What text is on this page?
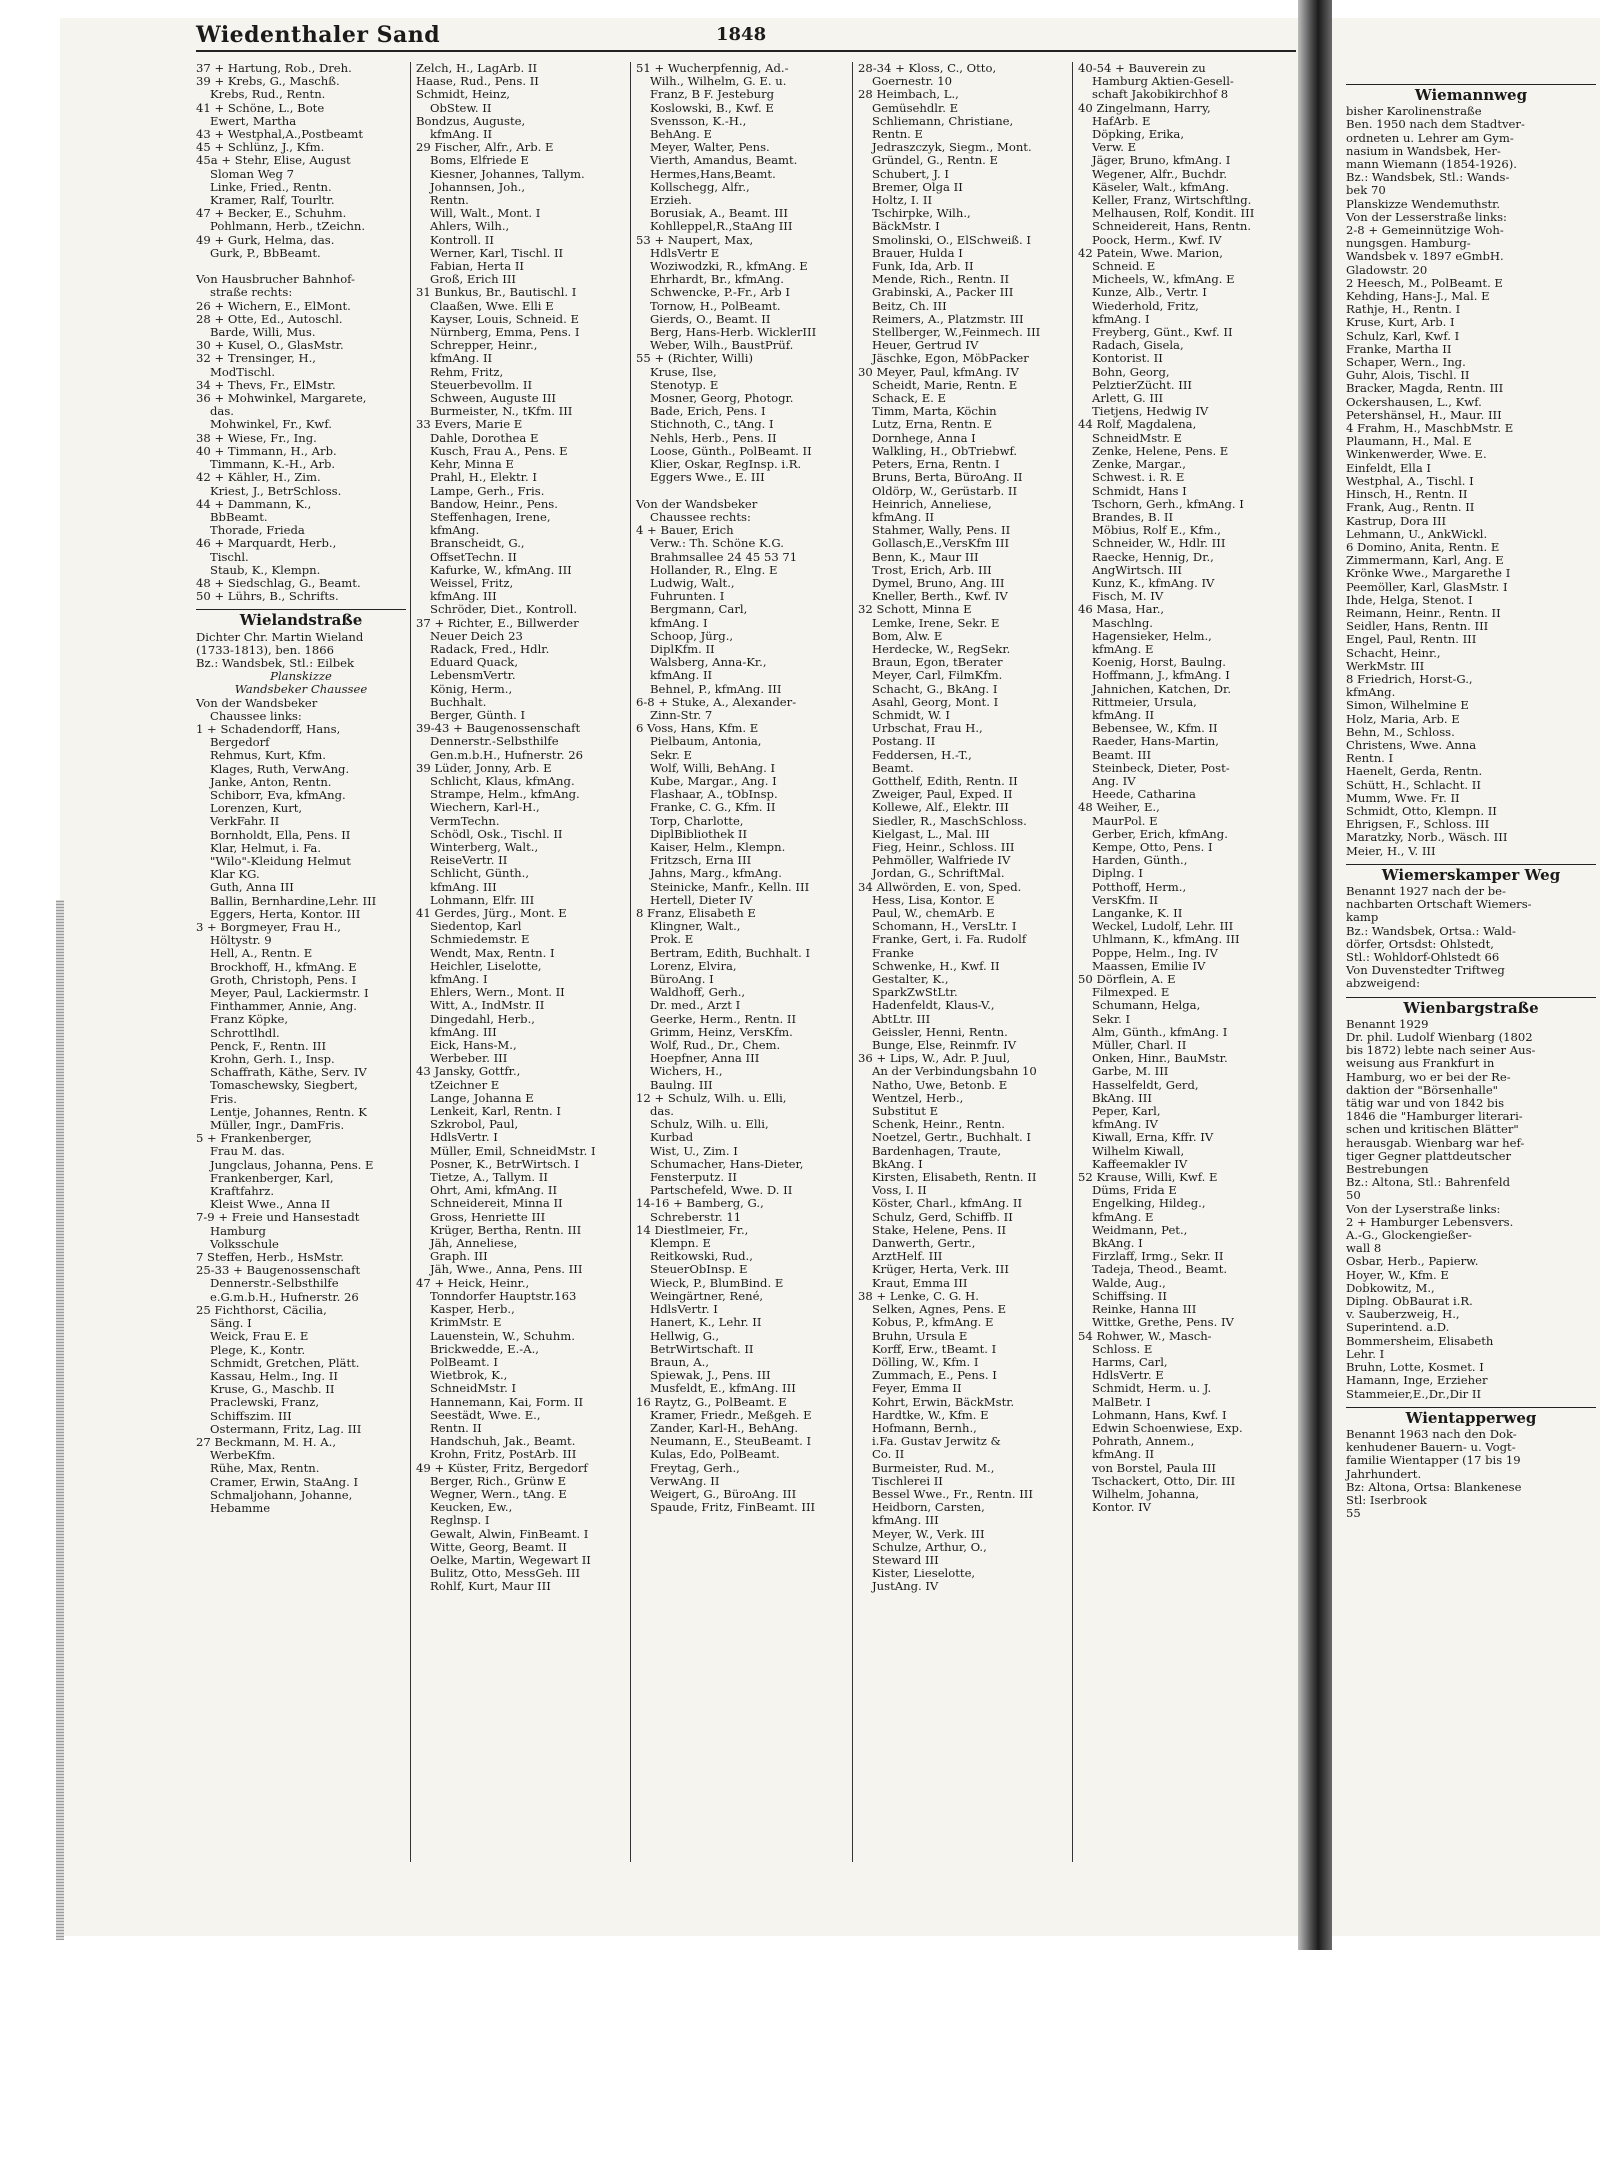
Wiemannweg
bisher Karolinenstraße
Ben. 1950 nach dem Stadtver-
ordneten u. Lehrer am Gym-
nasium in Wandsbek, Her-
mann Wiemann (1854-1926).
Bz.: Wandsbek, Stl.: Wands-
bek 70
Planskizze Wendemuthstr.
Von der Lesserstraße links:
2-8 + Gemeinnützige Woh-
nungsgen. Hamburg-
Wandsbek v. 1897 eGmbH.
Gladowstr. 20
2 Heesch, M., PolBeamt. E
Kehding, Hans-J., Mal. E
Rathje, H., Rentn. I
Kruse, Kurt, Arb. I
Schulz, Karl, Kwf. I
Franke, Martha II
Schaper, Wern., Ing.
Guhr, Alois, Tischl. II
Bracker, Magda, Rentn. III
Ockershausen, L., Kwf.
Petershänsel, H., Maur. III
4 Frahm, H., MaschbMstr. E
Plaumann, H., Mal. E
Winkenwerder, Wwe. E.
Einfeldt, Ella I
Westphal, A., Tischl. I
Hinsch, H., Rentn. II
Frank, Aug., Rentn. II
Kastrup, Dora III
Lehmann, U., AnkWickl.
6 Domino, Anita, Rentn. E
Zimmermann, Karl, Ang. E
Krönke Wwe., Margarethe I
Peemöller, Karl, GlasMstr. I
Ihde, Helga, Stenot. I
Reimann, Heinr., Rentn. II
Seidler, Hans, Rentn. III
Engel, Paul, Rentn. III
Schacht, Heinr.,
WerkMstr. III
8 Friedrich, Horst-G.,
kfmAng.
Simon, Wilhelmine E
Holz, Maria, Arb. E
Behn, M., Schloss.
Christens, Wwe. Anna
Rentn. I
Haenelt, Gerda, Rentn.
Schütt, H., Schlacht. II
Mumm, Wwe. Fr. II
Schmidt, Otto, Klempn. II
Ehrigsen, F., Schloss. III
Maratzky, Norb., Wäsch. III
Meier, H., V. III
Wiemerskamper Weg
Benannt 1927 nach der be-
nachbarten Ortschaft Wiemers-
kamp
Bz.: Wandsbek, Ortsa.: Wald-
dörfer, Ortsdst: Ohlstedt,
Stl.: Wohldorf-Ohlstedt 66
Von Duvenstedter Triftweg
abzweigend:
Wienbargstraße
Benannt 1929
Dr. phil. Ludolf Wienbarg (1802
bis 1872) lebte nach seiner Aus-
weisung aus Frankfurt in
Hamburg, wo er bei der Re-
daktion der "Börsenhalle"
tätig war und von 1842 bis
1846 die "Hamburger literari-
schen und kritischen Blätter"
herausgab. Wienbarg war hef-
tiger Gegner plattdeutscher
Bestrebungen
Bz.: Altona, Stl.: Bahrenfeld
50
Von der Lyserstraße links:
2 + Hamburger Lebensvers.
A.-G., Glockengießer-
wall 8
Osbar, Herb., Papierw.
Hoyer, W., Kfm. E
Dobkowitz, M.,
Diplng. ObBaurat i.R.
v. Sauberzweig, H.,
Superintend. a.D.
Bommersheim, Elisabeth
Lehr. I
Bruhn, Lotte, Kosmet. I
Hamann, Inge, Erzieher
Stammeier,E.,Dr.,Dir II
Wientapperweg
Benannt 1963 nach den Dok-
kenhudener Bauern- u. Vogt-
familie Wientapper (17 bis 19
Jahrhundert.
Bz: Altona, Ortsa: Blankenese
Stl: Iserbrook
55
Wiedenthaler Sand	1848
37 + Hartung, Rob., Dreh.
39 + Krebs, G., Maschß.
Krebs, Rud., Rentn.
41 + Schöne, L., Bote
Ewert, Martha
43 + Westphal,A.,Postbeamt
45 + Schlünz, J., Kfm.
45a + Stehr, Elise, August
Sloman Weg 7
Linke, Fried., Rentn.
Kramer, Ralf, Tourltr.
47 + Becker, E., Schuhm.
Pohlmann, Herb., tZeichn.
49 + Gurk, Helma, das.
Gurk, P., BbBeamt.

Von Hausbrucher Bahnhof-
straße rechts:
26 + Wichern, E., ElMont.
28 + Otte, Ed., Autoschl.
Barde, Willi, Mus.
30 + Kusel, O., GlasMstr.
32 + Trensinger, H.,
ModTischl.
34 + Thevs, Fr., ElMstr.
36 + Mohwinkel, Margarete,
das.
Mohwinkel, Fr., Kwf.
38 + Wiese, Fr., Ing.
40 + Timmann, H., Arb.
Timmann, K.-H., Arb.
42 + Kähler, H., Zim.
Kriest, J., BetrSchloss.
44 + Dammann, K.,
BbBeamt.
Thorade, Frieda
46 + Marquardt, Herb.,
Tischl.
Staub, K., Klempn.
48 + Siedschlag, G., Beamt.
50 + Lührs, B., Schrifts.
Wielandstraße
Dichter Chr. Martin Wieland
(1733-1813), ben. 1866
Bz.: Wandsbek, Stl.: Eilbek
Planskizze
Wandsbeker Chaussee
Von der Wandsbeker
Chaussee links:
1 + Schadendorff, Hans,
Bergedorf
Rehmus, Kurt, Kfm.
Klages, Ruth, VerwAng.
Janke, Anton, Rentn.
Schiborr, Eva, kfmAng.
Lorenzen, Kurt,
VerkFahr. II
Bornholdt, Ella, Pens. II
Klar, Helmut, i. Fa.
"Wilo"-Kleidung Helmut
Klar KG.
Guth, Anna III
Ballin, Bernhardine,Lehr. III
Eggers, Herta, Kontor. III
3 + Borgmeyer, Frau H.,
Höltystr. 9
Hell, A., Rentn. E
Brockhoff, H., kfmAng. E
Groth, Christoph, Pens. I
Meyer, Paul, Lackiermstr. I
Finthammer, Annie, Ang.
Franz Köpke,
Schrottlhdl.
Penck, F., Rentn. III
Krohn, Gerh. I., Insp.
Schaffrath, Käthe, Serv. IV
Tomaschewsky, Siegbert,
Fris.
Lentje, Johannes, Rentn. K
Müller, Ingr., DamFris.
5 + Frankenberger,
Frau M. das.
Jungclaus, Johanna, Pens. E
Frankenberger, Karl,
Kraftfahrz.
Kleist Wwe., Anna II
7-9 + Freie und Hansestadt
Hamburg
Volksschule
7 Steffen, Herb., HsMstr.
25-33 + Baugenossenschaft
Dennerstr.-Selbsthilfe
e.G.m.b.H., Hufnerstr. 26
25 Fichthorst, Cäcilia,
Säng. I
Weick, Frau E. E
Plege, K., Kontr.
Schmidt, Gretchen, Plätt.
Kassau, Helm., Ing. II
Kruse, G., Maschb. II
Praclewski, Franz,
Schiffszim. III
Ostermann, Fritz, Lag. III
27 Beckmann, M. H. A.,
WerbeKfm.
Rühe, Max, Rentn.
Cramer, Erwin, StaAng. I
Schmaljohann, Johanne,
Hebamme
Zelch, H., LagArb. II
Haase, Rud., Pens. II
Schmidt, Heinz,
ObStew. II
Bondzus, Auguste,
kfmAng. II
29 Fischer, Alfr., Arb. E
Boms, Elfriede E
Kiesner, Johannes, Tallym.
Johannsen, Joh.,
Rentn.
Will, Walt., Mont. I
Ahlers, Wilh.,
Kontroll. II
Werner, Karl, Tischl. II
Fabian, Herta II
Groß, Erich III
31 Bunkus, Br., Bautischl. I
Claaßen, Wwe. Elli E
Kayser, Louis, Schneid. E
Nürnberg, Emma, Pens. I
Schrepper, Heinr.,
kfmAng. II
Rehm, Fritz,
Steuerbevollm. II
Schween, Auguste III
Burmeister, N., tKfm. III
33 Evers, Marie E
Dahle, Dorothea E
Kusch, Frau A., Pens. E
Kehr, Minna E
Prahl, H., Elektr. I
Lampe, Gerh., Fris.
Bandow, Heinr., Pens.
Steffenhagen, Irene,
kfmAng.
Branscheidt, G.,
OffsetTechn. II
Kafurke, W., kfmAng. III
Weissel, Fritz,
kfmAng. III
Schröder, Diet., Kontroll.
37 + Richter, E., Billwerder
Neuer Deich 23
Radack, Fred., Hdlr.
Eduard Quack,
LebensmVertr.
König, Herm.,
Buchhalt.
Berger, Günth. I
39-43 + Baugenossenschaft
Dennerstr.-Selbsthilfe
Gen.m.b.H., Hufnerstr. 26
39 Lüder, Jonny, Arb. E
Schlicht, Klaus, kfmAng.
Strampe, Helm., kfmAng.
Wiechern, Karl-H.,
VermTechn.
Schödl, Osk., Tischl. II
Winterberg, Walt.,
ReiseVertr. II
Schlicht, Günth.,
kfmAng. III
Lohmann, Elfr. III
41 Gerdes, Jürg., Mont. E
Siedentop, Karl
Schmiedemstr. E
Wendt, Max, Rentn. I
Heichler, Liselotte,
kfmAng. I
Ehlers, Wern., Mont. II
Witt, A., IndMstr. II
Dingedahl, Herb.,
kfmAng. III
Eick, Hans-M.,
Werbeber. III
43 Jansky, Gottfr.,
tZeichner E
Lange, Johanna E
Lenkeit, Karl, Rentn. I
Szkrobol, Paul,
HdlsVertr. I
Müller, Emil, SchneidMstr. I
Posner, K., BetrWirtsch. I
Tietze, A., Tallym. II
Ohrt, Ami, kfmAng. II
Schneidereit, Minna II
Gross, Henriette III
Krüger, Bertha, Rentn. III
Jäh, Anneliese,
Graph. III
Jäh, Wwe., Anna, Pens. III
47 + Heick, Heinr.,
Tonndorfer Hauptstr.163
Kasper, Herb.,
KrimMstr. E
Lauenstein, W., Schuhm.
Brickwedde, E.-A.,
PolBeamt. I
Wietbrok, K.,
SchneidMstr. I
Hannemann, Kai, Form. II
Seestädt, Wwe. E.,
Rentn. II
Handschuh, Jak., Beamt.
Krohn, Fritz, PostArb. III
49 + Küster, Fritz, Bergedorf
Berger, Rich., Grünw E
Wegner, Wern., tAng. E
Keucken, Ew.,
Reglnsp. I
Gewalt, Alwin, FinBeamt. I
Witte, Georg, Beamt. II
Oelke, Martin, Wegewart II
Bulitz, Otto, MessGeh. III
Rohlf, Kurt, Maur III
51 + Wucherpfennig, Ad.-
Wilh., Wilhelm, G. E. u.
Franz, B F. Jesteburg
Koslowski, B., Kwf. E
Svensson, K.-H.,
BehAng. E
Meyer, Walter, Pens.
Vierth, Amandus, Beamt.
Hermes,Hans,Beamt.
Kollschegg, Alfr.,
Erzieh.
Borusiak, A., Beamt. III
Kohlleppel,R.,StaAng III
53 + Naupert, Max,
HdlsVertr E
Woziwodzki, R., kfmAng. E
Ehrhardt, Br., kfmAng.
Schwencke, P.-Fr., Arb I
Tornow, H., PolBeamt.
Gierds, O., Beamt. II
Berg, Hans-Herb. WicklerIII
Weber, Wilh., BaustPrüf.
55 + (Richter, Willi)
Kruse, Ilse,
Stenotyp. E
Mosner, Georg, Photogr.
Bade, Erich, Pens. I
Stichnoth, C., tAng. I
Nehls, Herb., Pens. II
Loose, Günth., PolBeamt. II
Klier, Oskar, RegInsp. i.R.
Eggers Wwe., E. III

Von der Wandsbeker
Chaussee rechts:
4 + Bauer, Erich
Verw.: Th. Schöne K.G.
Brahmsallee 24 45 53 71
Hollander, R., Elng. E
Ludwig, Walt.,
Fuhrunten. I
Bergmann, Carl,
kfmAng. I
Schoop, Jürg.,
DiplKfm. II
Walsberg, Anna-Kr.,
kfmAng. II
Behnel, P., kfmAng. III
6-8 + Stuke, A., Alexander-
Zinn-Str. 7
6 Voss, Hans, Kfm. E
Pielbaum, Antonia,
Sekr. E
Wolf, Willi, BehAng. I
Kube, Margar., Ang. I
Flashaar, A., tObInsp.
Franke, C. G., Kfm. II
Torp, Charlotte,
DiplBibliothek II
Kaiser, Helm., Klempn.
Fritzsch, Erna III
Jahns, Marg., kfmAng.
Steinicke, Manfr., Kelln. III
Hertell, Dieter IV
8 Franz, Elisabeth E
Klingner, Walt.,
Prok. E
Bertram, Edith, Buchhalt. I
Lorenz, Elvira,
BüroAng. I
Waldhoff, Gerh.,
Dr. med., Arzt I
Geerke, Herm., Rentn. II
Grimm, Heinz, VersKfm.
Wolf, Rud., Dr., Chem.
Hoepfner, Anna III
Wichers, H.,
Baulng. III
12 + Schulz, Wilh. u. Elli,
das.
Schulz, Wilh. u. Elli,
Kurbad
Wist, U., Zim. I
Schumacher, Hans-Dieter,
Fensterputz. II
Partschefeld, Wwe. D. II
14-16 + Bamberg, G.,
Schreberstr. 11
14 Diestlmeier, Fr.,
Klempn. E
Reitkowski, Rud.,
SteuerObInsp. E
Wieck, P., BlumBind. E
Weingärtner, René,
HdlsVertr. I
Hanert, K., Lehr. II
Hellwig, G.,
BetrWirtschaft. II
Braun, A.,
Spiewak, J., Pens. III
Musfeldt, E., kfmAng. III
16 Raytz, G., PolBeamt. E
Kramer, Friedr., Meßgeh. E
Zander, Karl-H., BehAng.
Neumann, E., SteuBeamt. I
Kulas, Edo, PolBeamt.
Freytag, Gerh.,
VerwAng. II
Weigert, G., BüroAng. III
Spaude, Fritz, FinBeamt. III
28-34 + Kloss, C., Otto,
Goernestr. 10
28 Heimbach, L.,
Gemüsehdlr. E
Schliemann, Christiane,
Rentn. E
Jedraszczyk, Siegm., Mont.
Gründel, G., Rentn. E
Schubert, J. I
Bremer, Olga II
Holtz, I. II
Tschirpke, Wilh.,
BäckMstr. I
Smolinski, O., ElSchweiß. I
Brauer, Hulda I
Funk, Ida, Arb. II
Mende, Rich., Rentn. II
Grabinski, A., Packer III
Beitz, Ch. III
Reimers, A., Platzmstr. III
Stellberger, W.,Feinmech. III
Heuer, Gertrud IV
Jäschke, Egon, MöbPacker
30 Meyer, Paul, kfmAng. IV
Scheidt, Marie, Rentn. E
Schack, E. E
Timm, Marta, Köchin
Lutz, Erna, Rentn. E
Dornhege, Anna I
Walkling, H., ObTriebwf.
Peters, Erna, Rentn. I
Bruns, Berta, BüroAng. II
Oldörp, W., Gerüstarb. II
Heinrich, Anneliese,
kfmAng. II
Stahmer, Wally, Pens. II
Gollasch,E.,VersKfm III
Benn, K., Maur III
Trost, Erich, Arb. III
Dymel, Bruno, Ang. III
Kneller, Berth., Kwf. IV
32 Schott, Minna E
Lemke, Irene, Sekr. E
Bom, Alw. E
Herdecke, W., RegSekr.
Braun, Egon, tBerater
Meyer, Carl, FilmKfm.
Schacht, G., BkAng. I
Asahl, Georg, Mont. I
Schmidt, W. I
Urbschat, Frau H.,
Postang. II
Feddersen, H.-T.,
Beamt.
Gotthelf, Edith, Rentn. II
Zweiger, Paul, Exped. II
Kollewe, Alf., Elektr. III
Siedler, R., MaschSchloss.
Kielgast, L., Mal. III
Fieg, Heinr., Schloss. III
Pehmöller, Walfriede IV
Jordan, G., SchriftMal.
34 Allwörden, E. von, Sped.
Hess, Lisa, Kontor. E
Paul, W., chemArb. E
Schomann, H., VersLtr. I
Franke, Gert, i. Fa. Rudolf
Franke
Schwenke, H., Kwf. II
Gestalter, K.,
SparkZwStLtr.
Hadenfeldt, Klaus-V.,
AbtLtr. III
Geissler, Henni, Rentn.
Bunge, Else, Reinmfr. IV
36 + Lips, W., Adr. P. Juul,
An der Verbindungsbahn 10
Natho, Uwe, Betonb. E
Wentzel, Herb.,
Substitut E
Schenk, Heinr., Rentn.
Noetzel, Gertr., Buchhalt. I
Bardenhagen, Traute,
BkAng. I
Kirsten, Elisabeth, Rentn. II
Voss, I. II
Köster, Charl., kfmAng. II
Schulz, Gerd, Schiffb. II
Stake, Helene, Pens. II
Danwerth, Gertr.,
ArztHelf. III
Krüger, Herta, Verk. III
Kraut, Emma III
38 + Lenke, C. G. H.
Selken, Agnes, Pens. E
Kobus, P., kfmAng. E
Bruhn, Ursula E
Korff, Erw., tBeamt. I
Dölling, W., Kfm. I
Zummach, E., Pens. I
Feyer, Emma II
Kohrt, Erwin, BäckMstr.
Hardtke, W., Kfm. E
Hofmann, Bernh.,
i.Fa. Gustav Jerwitz &
Co. II
Burmeister, Rud. M.,
Tischlerei II
Bessel Wwe., Fr., Rentn. III
Heidborn, Carsten,
kfmAng. III
Meyer, W., Verk. III
Schulze, Arthur, O.,
Steward III
Kister, Lieselotte,
JustAng. IV
40-54 + Bauverein zu
Hamburg Aktien-Gesell-
schaft Jakobikirchhof 8
40 Zingelmann, Harry,
HafArb. E
Döpking, Erika,
Verw. E
Jäger, Bruno, kfmAng. I
Wegener, Alfr., Buchdr.
Käseler, Walt., kfmAng.
Keller, Franz, Wirtschftlng.
Melhausen, Rolf, Kondit. III
Schneidereit, Hans, Rentn.
Poock, Herm., Kwf. IV
42 Patein, Wwe. Marion,
Schneid. E
Micheels, W., kfmAng. E
Kunze, Alb., Vertr. I
Wiederhold, Fritz,
kfmAng. I
Freyberg, Günt., Kwf. II
Radach, Gisela,
Kontorist. II
Bohn, Georg,
PelztierZücht. III
Arlett, G. III
Tietjens, Hedwig IV
44 Rolf, Magdalena,
SchneidMstr. E
Zenke, Helene, Pens. E
Zenke, Margar.,
Schwest. i. R. E
Schmidt, Hans I
Tschorn, Gerh., kfmAng. I
Brandes, B. II
Möbius, Rolf E., Kfm.,
Schneider, W., Hdlr. III
Raecke, Hennig, Dr.,
AngWirtsch. III
Kunz, K., kfmAng. IV
Fisch, M. IV
46 Masa, Har.,
Maschlng.
Hagensieker, Helm.,
kfmAng. E
Koenig, Horst, Baulng.
Hoffmann, J., kfmAng. I
Jahnichen, Katchen, Dr.
Rittmeier, Ursula,
kfmAng. II
Bebensee, W., Kfm. II
Raeder, Hans-Martin,
Beamt. III
Steinbeck, Dieter, Post-
Ang. IV
Heede, Catharina
48 Weiher, E.,
MaurPol. E
Gerber, Erich, kfmAng.
Kempe, Otto, Pens. I
Harden, Günth.,
Diplng. I
Potthoff, Herm.,
VersKfm. II
Langanke, K. II
Weckel, Ludolf, Lehr. III
Uhlmann, K., kfmAng. III
Poppe, Helm., Ing. IV
Maassen, Emilie IV
50 Dörflein, A. E
Filmexped. E
Schumann, Helga,
Sekr. I
Alm, Günth., kfmAng. I
Müller, Charl. II
Onken, Hinr., BauMstr.
Garbe, M. III
Hasselfeldt, Gerd,
BkAng. III
Peper, Karl,
kfmAng. IV
Kiwall, Erna, Kffr. IV
Wilhelm Kiwall,
Kaffeemakler IV
52 Krause, Willi, Kwf. E
Düms, Frida E
Engelking, Hildeg.,
kfmAng. E
Weidmann, Pet.,
BkAng. I
Firzlaff, Irmg., Sekr. II
Tadeja, Theod., Beamt.
Walde, Aug.,
Schiffsing. II
Reinke, Hanna III
Wittke, Grethe, Pens. IV
54 Rohwer, W., Masch-
Schloss. E
Harms, Carl,
HdlsVertr. E
Schmidt, Herm. u. J.
MalBetr. I
Lohmann, Hans, Kwf. I
Edwin Schoenwiese, Exp.
Pohrath, Annem.,
kfmAng. II
von Borstel, Paula III
Tschackert, Otto, Dir. III
Wilhelm, Johanna,
Kontor. IV
